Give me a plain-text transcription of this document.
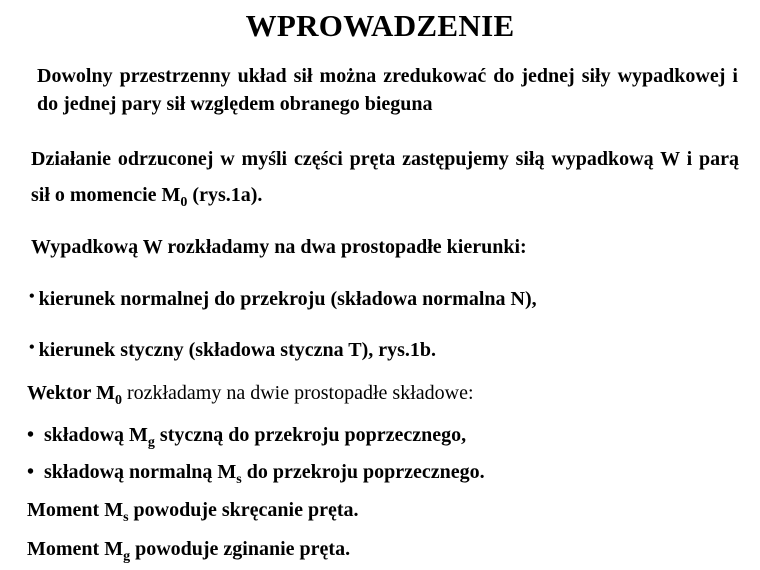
WPROWADZENIE
Dowolny przestrzenny układ sił można zredukować do jednej siły wypadkowej i do jednej pary sił względem obranego bieguna
Działanie odrzuconej w myśli części pręta zastępujemy siłą wypadkową W i parą sił o momencie $M_0$ (rys.1a).
Wypadkową W rozkładamy na dwa prostopadłe kierunki:
• kierunek normalnej do przekroju (składowa normalna N),
• kierunek styczny (składowa styczna T), rys.1b.
Wektor $M_0$ rozkładamy na dwie prostopadłe składowe:
• składową $M_g$ styczną do przekroju poprzecznego,
• składową normalną $M_s$ do przekroju poprzecznego.
Moment $M_s$ powoduje skręcanie pręta.
Moment $M_g$ powoduje zginanie pręta.
